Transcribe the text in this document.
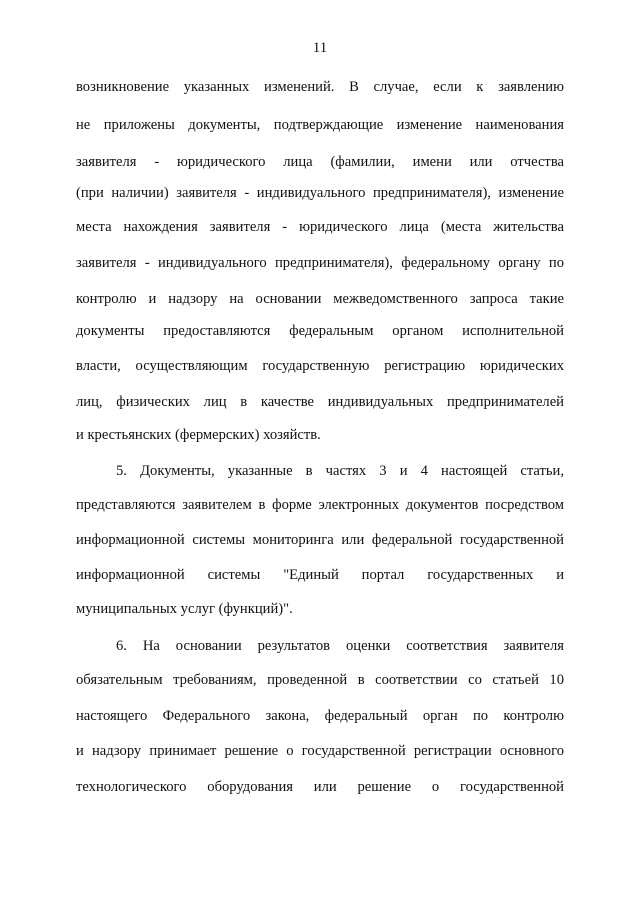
11
возникновение указанных изменений. В случае, если к заявлению
не приложены документы, подтверждающие изменение наименования
заявителя - юридического лица (фамилии, имени или отчества
(при наличии) заявителя - индивидуального предпринимателя), изменение
места нахождения заявителя - юридического лица (места жительства
заявителя - индивидуального предпринимателя), федеральному органу по
контролю и надзору на основании межведомственного запроса такие
документы предоставляются федеральным органом исполнительной
власти, осуществляющим государственную регистрацию юридических
лиц, физических лиц в качестве индивидуальных предпринимателей
и крестьянских (фермерских) хозяйств.
5. Документы, указанные в частях 3 и 4 настоящей статьи,
представляются заявителем в форме электронных документов посредством
информационной системы мониторинга или федеральной государственной
информационной системы "Единый портал государственных и
муниципальных услуг (функций)".
6. На основании результатов оценки соответствия заявителя
обязательным требованиям, проведенной в соответствии со статьей 10
настоящего Федерального закона, федеральный орган по контролю
и надзору принимает решение о государственной регистрации основного
технологического оборудования или решение о государственной
